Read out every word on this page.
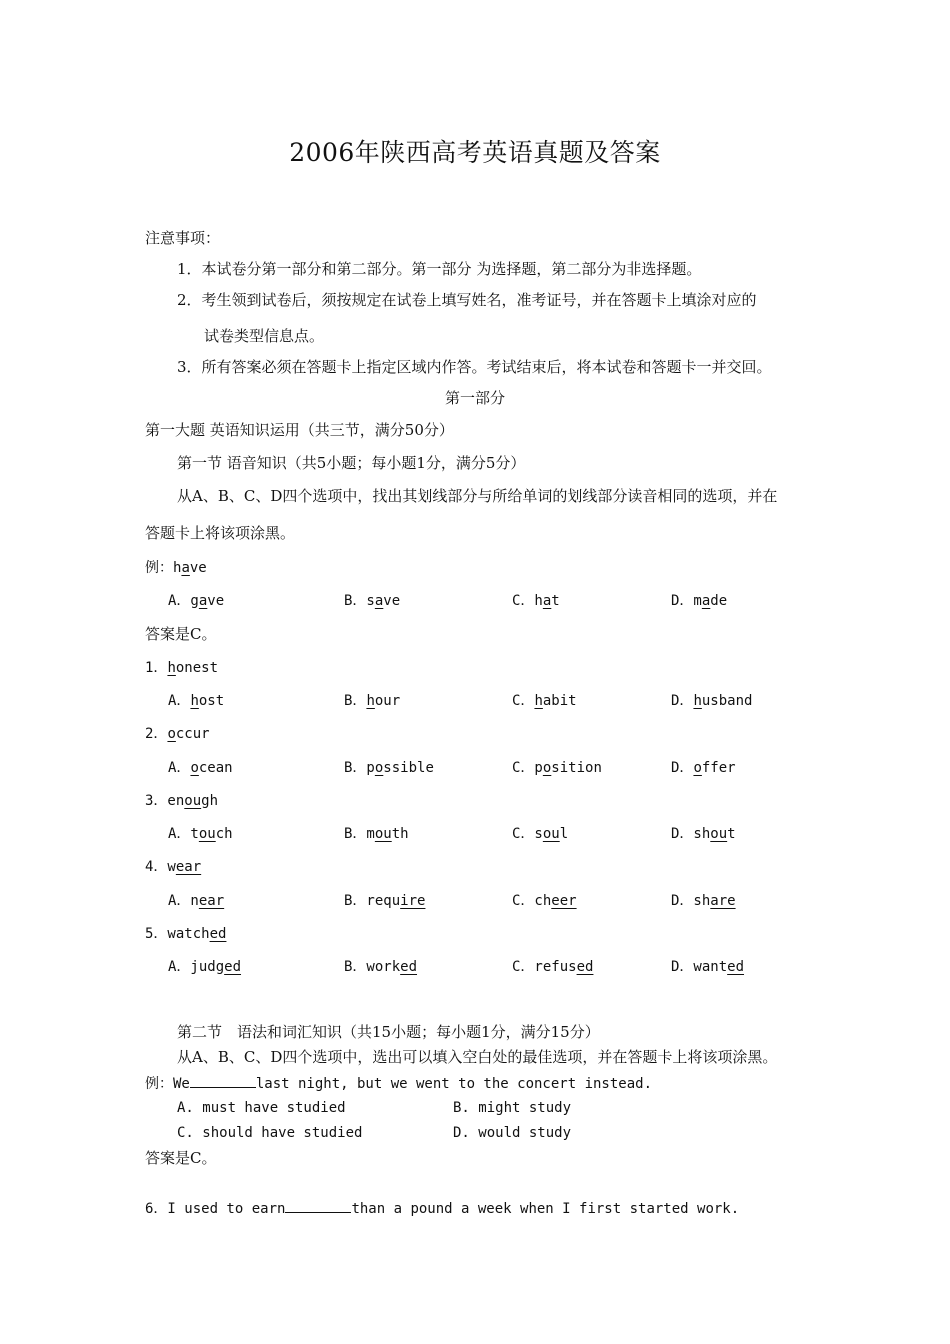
2006年陕西高考英语真题及答案
注意事项：
1．本试卷分第一部分和第二部分。第一部分 为选择题，第二部分为非选择题。
2．考生领到试卷后，须按规定在试卷上填写姓名，准考证号，并在答题卡上填涂对应的
试卷类型信息点。
3．所有答案必须在答题卡上指定区域内作答。考试结束后，将本试卷和答题卡一并交回。
第一部分
第一大题 英语知识运用（共三节，满分50分）
第一节 语音知识（共5小题；每小题1分，满分5分）
从A、B、C、D四个选项中，找出其划线部分与所给单词的划线部分读音相同的选项，并在
答题卡上将该项涂黑。
例：have
A．gave	B．save	C．hat	D．made
答案是C。
1．honest
A．host	B．hour	C．habit	D．husband
2．occur
A．ocean	B．possible	C．position	D．offer
3．enough
A．touch	B．mouth	C．soul	D．shout
4．wear
A．near	B．require	C．cheer	D．share
5．watched
A．judged	B．worked	C．refused	D．wanted
第二节　语法和词汇知识（共15小题；每小题1分，满分15分）
从A、B、C、D四个选项中，选出可以填入空白处的最佳选项，并在答题卡上将该项涂黑。
例：We	last night, but we went to the concert instead.
A. must have studied	B. might study
C. should have studied	D. would study
答案是C。
6．I used to earn	than a pound a week when I first started work.
